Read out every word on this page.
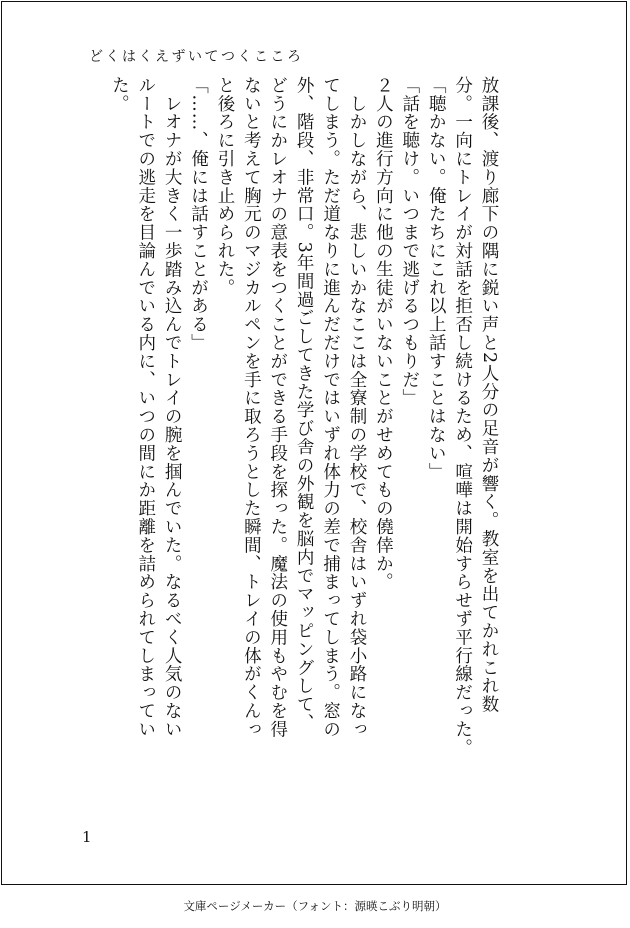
どくはくえずいてつくこころ
放課後、渡り廊下の隅に鋭い声と2人分の足音が響く。教室を出てかれこれ数
分。一向にトレイが対話を拒否し続けるため、喧嘩は開始すらせず平行線だった。
「聴かない。俺たちにこれ以上話すことはない」
「話を聴け。いつまで逃げるつもりだ」
２人の進行方向に他の生徒がいないことがせめてもの僥倖か。
　しかしながら、悲しいかなここは全寮制の学校で、校舎はいずれ袋小路になっ
てしまう。ただ道なりに進んだだけではいずれ体力の差で捕まってしまう。窓の
外、階段、非常口。3年間過ごしてきた学び舎の外観を脳内でマッピングして、
どうにかレオナの意表をつくことができる手段を探った。魔法の使用もやむを得
ないと考えて胸元のマジカルペンを手に取ろうとした瞬間、トレイの体がくんっ
と後ろに引き止められた。
「……、俺には話すことがある」
　レオナが大きく一歩踏み込んでトレイの腕を掴んでいた。なるべく人気のない
ルートでの逃走を目論んでいる内に、いつの間にか距離を詰められてしまってい
た。
1
文庫ページメーカー（フォント：源暎こぶり明朝）
